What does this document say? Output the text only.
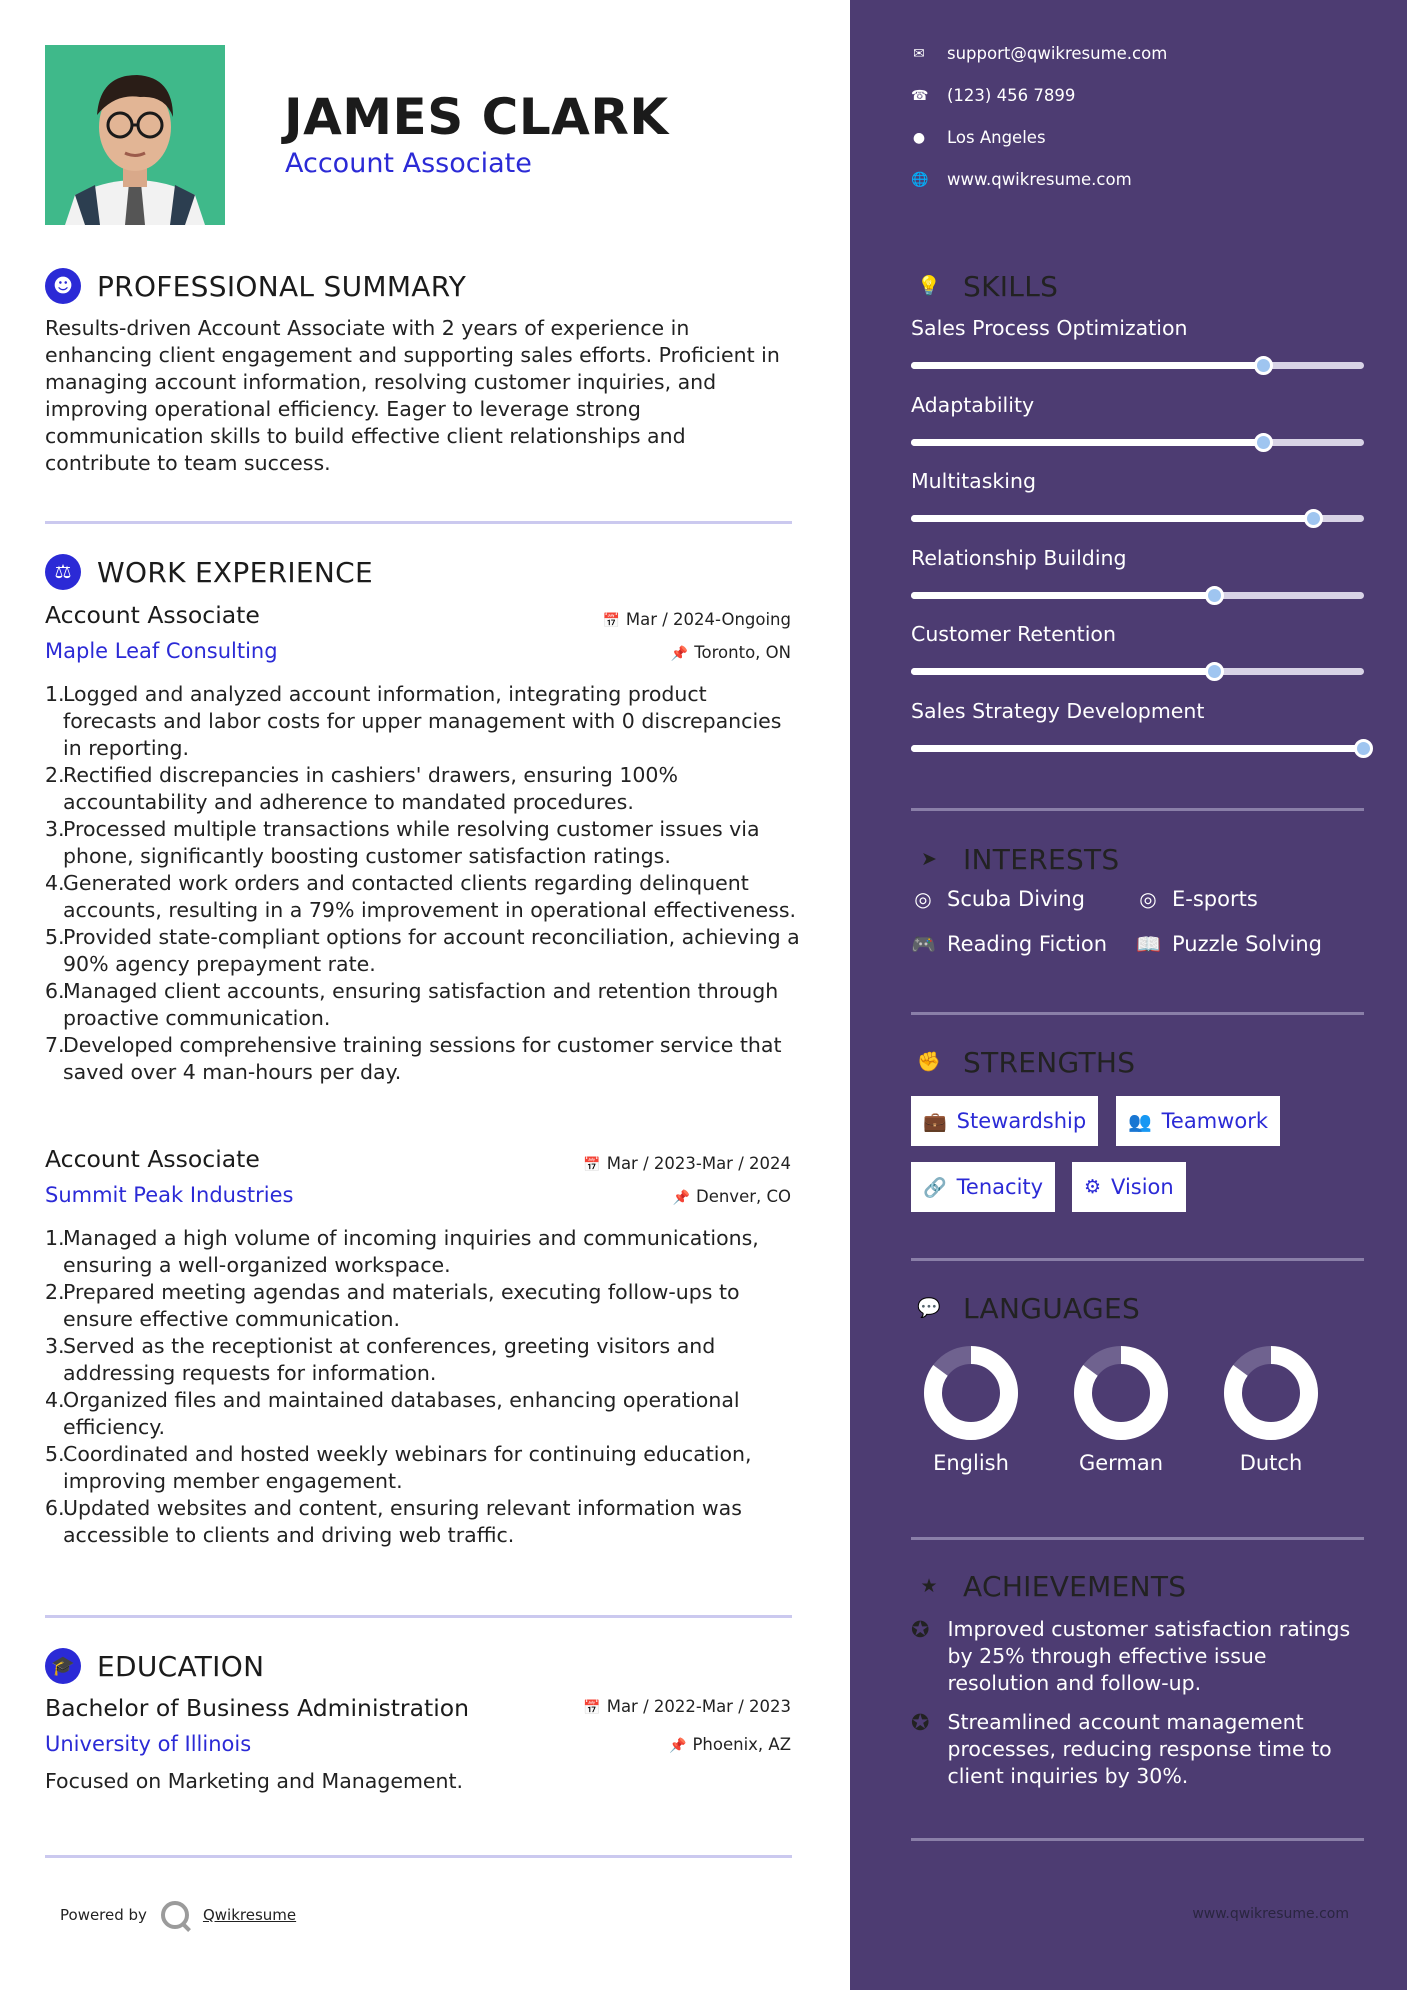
JAMES CLARK
Account Associate
☻ PROFESSIONAL SUMMARY
Results-driven Account Associate with 2 years of experience in enhancing client engagement and supporting sales efforts. Proficient in managing account information, resolving customer inquiries, and improving operational efficiency. Eager to leverage strong communication skills to build effective client relationships and contribute to team success.
⚖ WORK EXPERIENCE
Account Associate	📅 Mar / 2024-Ongoing
Maple Leaf Consulting	📌 Toronto, ON
1.
Logged and analyzed account information, integrating product forecasts and labor costs for upper management with 0 discrepancies in reporting.
2.
Rectified discrepancies in cashiers' drawers, ensuring 100% accountability and adherence to mandated procedures.
3.
Processed multiple transactions while resolving customer issues via phone, significantly boosting customer satisfaction ratings.
4.
Generated work orders and contacted clients regarding delinquent accounts, resulting in a 79% improvement in operational effectiveness.
5.
Provided state-compliant options for account reconciliation, achieving a 90% agency prepayment rate.
6.
Managed client accounts, ensuring satisfaction and retention through proactive communication.
7.
Developed comprehensive training sessions for customer service that saved over 4 man-hours per day.
Account Associate	📅 Mar / 2023-Mar / 2024
Summit Peak Industries	📌 Denver, CO
1.
Managed a high volume of incoming inquiries and communications, ensuring a well-organized workspace.
2.
Prepared meeting agendas and materials, executing follow-ups to ensure effective communication.
3.
Served as the receptionist at conferences, greeting visitors and addressing requests for information.
4.
Organized files and maintained databases, enhancing operational efficiency.
5.
Coordinated and hosted weekly webinars for continuing education, improving member engagement.
6.
Updated websites and content, ensuring relevant information was accessible to clients and driving web traffic.
🎓 EDUCATION
Bachelor of Business Administration	📅 Mar / 2022-Mar / 2023
University of Illinois	📌 Phoenix, AZ
Focused on Marketing and Management.
Powered by	Qwikresume
✉ support@qwikresume.com
☎ (123) 456 7899
● Los Angeles
🌐 www.qwikresume.com
💡 SKILLS
Sales Process Optimization
Adaptability
Multitasking
Relationship Building
Customer Retention
Sales Strategy Development
➤ INTERESTS
◎ Scuba Diving	◎ E-sports
🎮 Reading Fiction 📖 Puzzle Solving
✊ STRENGTHS
💼 Stewardship 👥 Teamwork
🔗 Tenacity ⚙ Vision
💬 LANGUAGES
English	German	Dutch
★ ACHIEVEMENTS
✪ Improved customer satisfaction ratings by 25% through effective issue resolution and follow-up.
✪ Streamlined account management processes, reducing response time to client inquiries by 30%.
www.qwikresume.com
